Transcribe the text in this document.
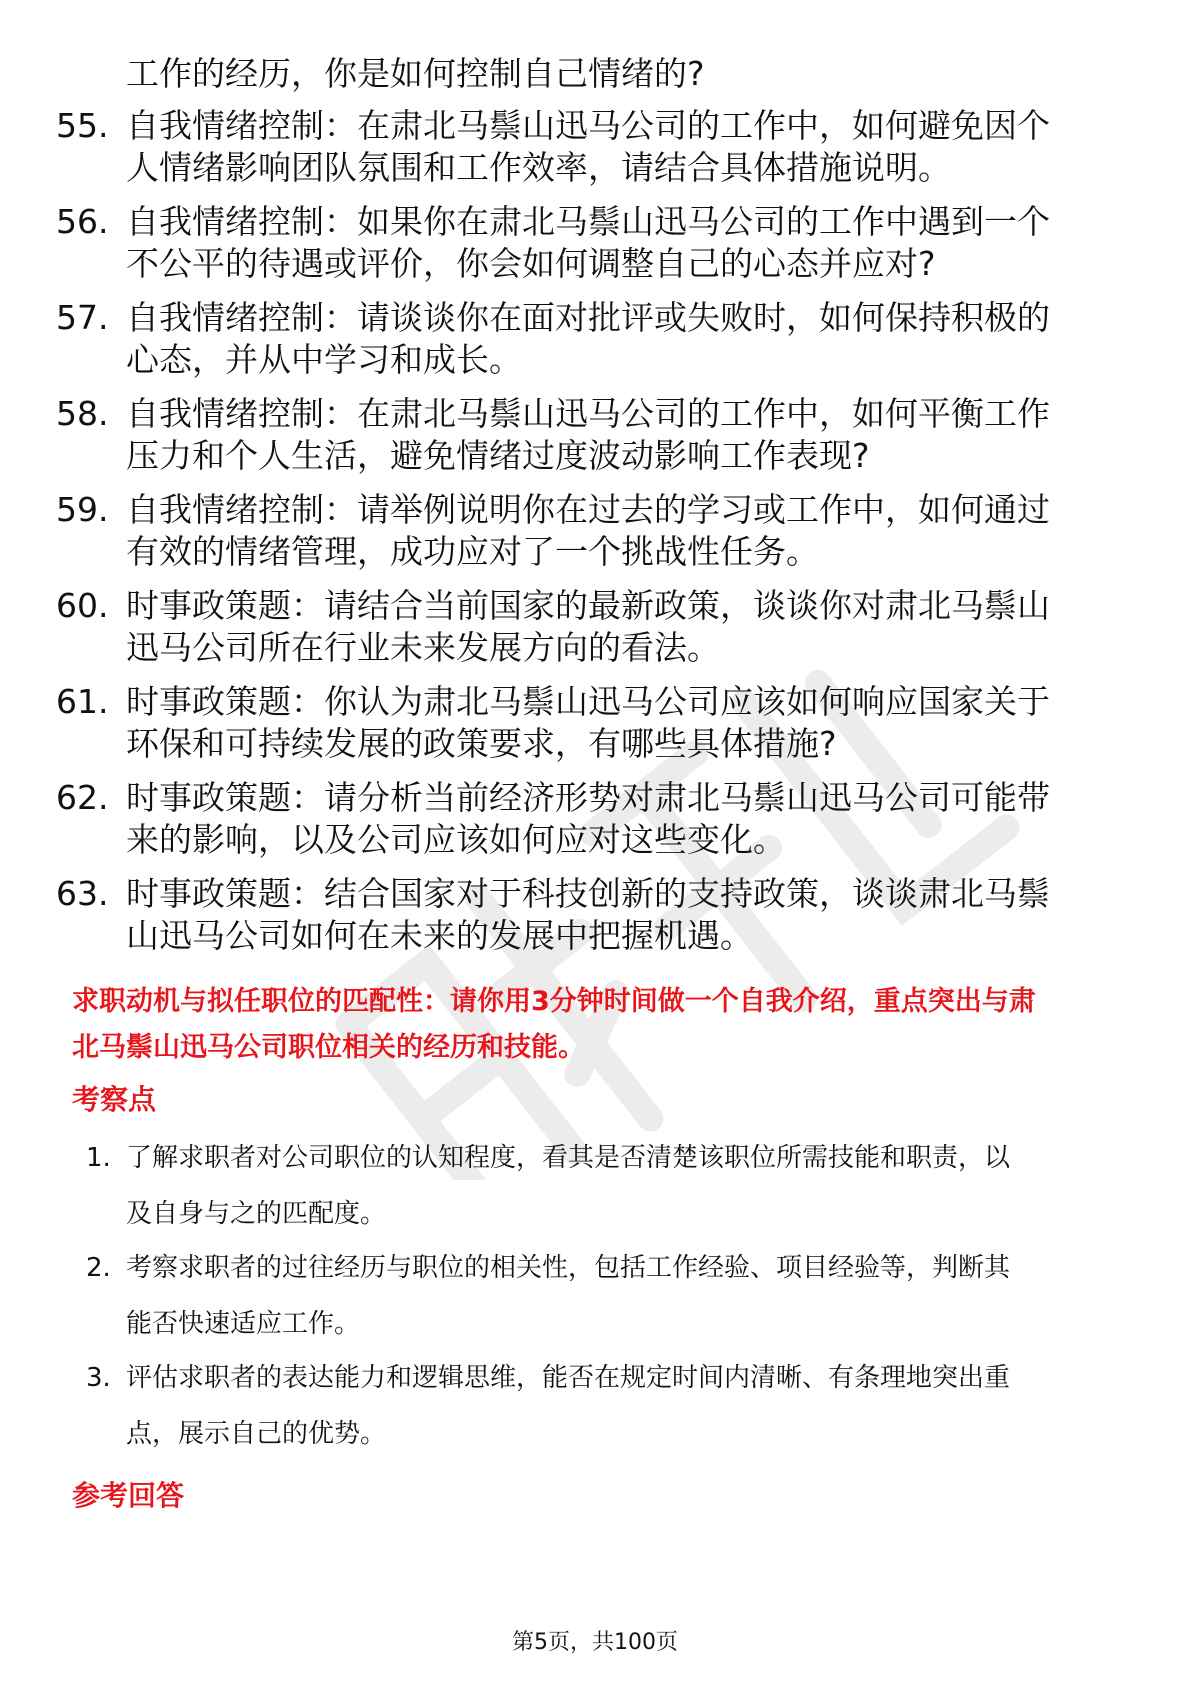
工作的经历，你是如何控制自己情绪的?
55. 自我情绪控制：在肃北马鬃山迅马公司的工作中，如何避免因个
人情绪影响团队氛围和工作效率，请结合具体措施说明。
56. 自我情绪控制：如果你在肃北马鬃山迅马公司的工作中遇到一个
不公平的待遇或评价，你会如何调整自己的心态并应对?
57. 自我情绪控制：请谈谈你在面对批评或失败时，如何保持积极的
心态，并从中学习和成长。
58. 自我情绪控制：在肃北马鬃山迅马公司的工作中，如何平衡工作
压力和个人生活，避免情绪过度波动影响工作表现?
59. 自我情绪控制：请举例说明你在过去的学习或工作中，如何通过
有效的情绪管理，成功应对了一个挑战性任务。
60. 时事政策题：请结合当前国家的最新政策，谈谈你对肃北马鬃山
迅马公司所在行业未来发展方向的看法。
61. 时事政策题：你认为肃北马鬃山迅马公司应该如何响应国家关于
环保和可持续发展的政策要求，有哪些具体措施?
62. 时事政策题：请分析当前经济形势对肃北马鬃山迅马公司可能带
来的影响，以及公司应该如何应对这些变化。
63. 时事政策题：结合国家对于科技创新的支持政策，谈谈肃北马鬃
山迅马公司如何在未来的发展中把握机遇。
求职动机与拟任职位的匹配性：请你用3分钟时间做一个自我介绍，重点突出与肃
北马鬃山迅马公司职位相关的经历和技能。
考察点
1. 了解求职者对公司职位的认知程度，看其是否清楚该职位所需技能和职责，以
及自身与之的匹配度。
2. 考察求职者的过往经历与职位的相关性，包括工作经验、项目经验等，判断其
能否快速适应工作。
3. 评估求职者的表达能力和逻辑思维，能否在规定时间内清晰、有条理地突出重
点，展示自己的优势。
参考回答
第5页，共100页
